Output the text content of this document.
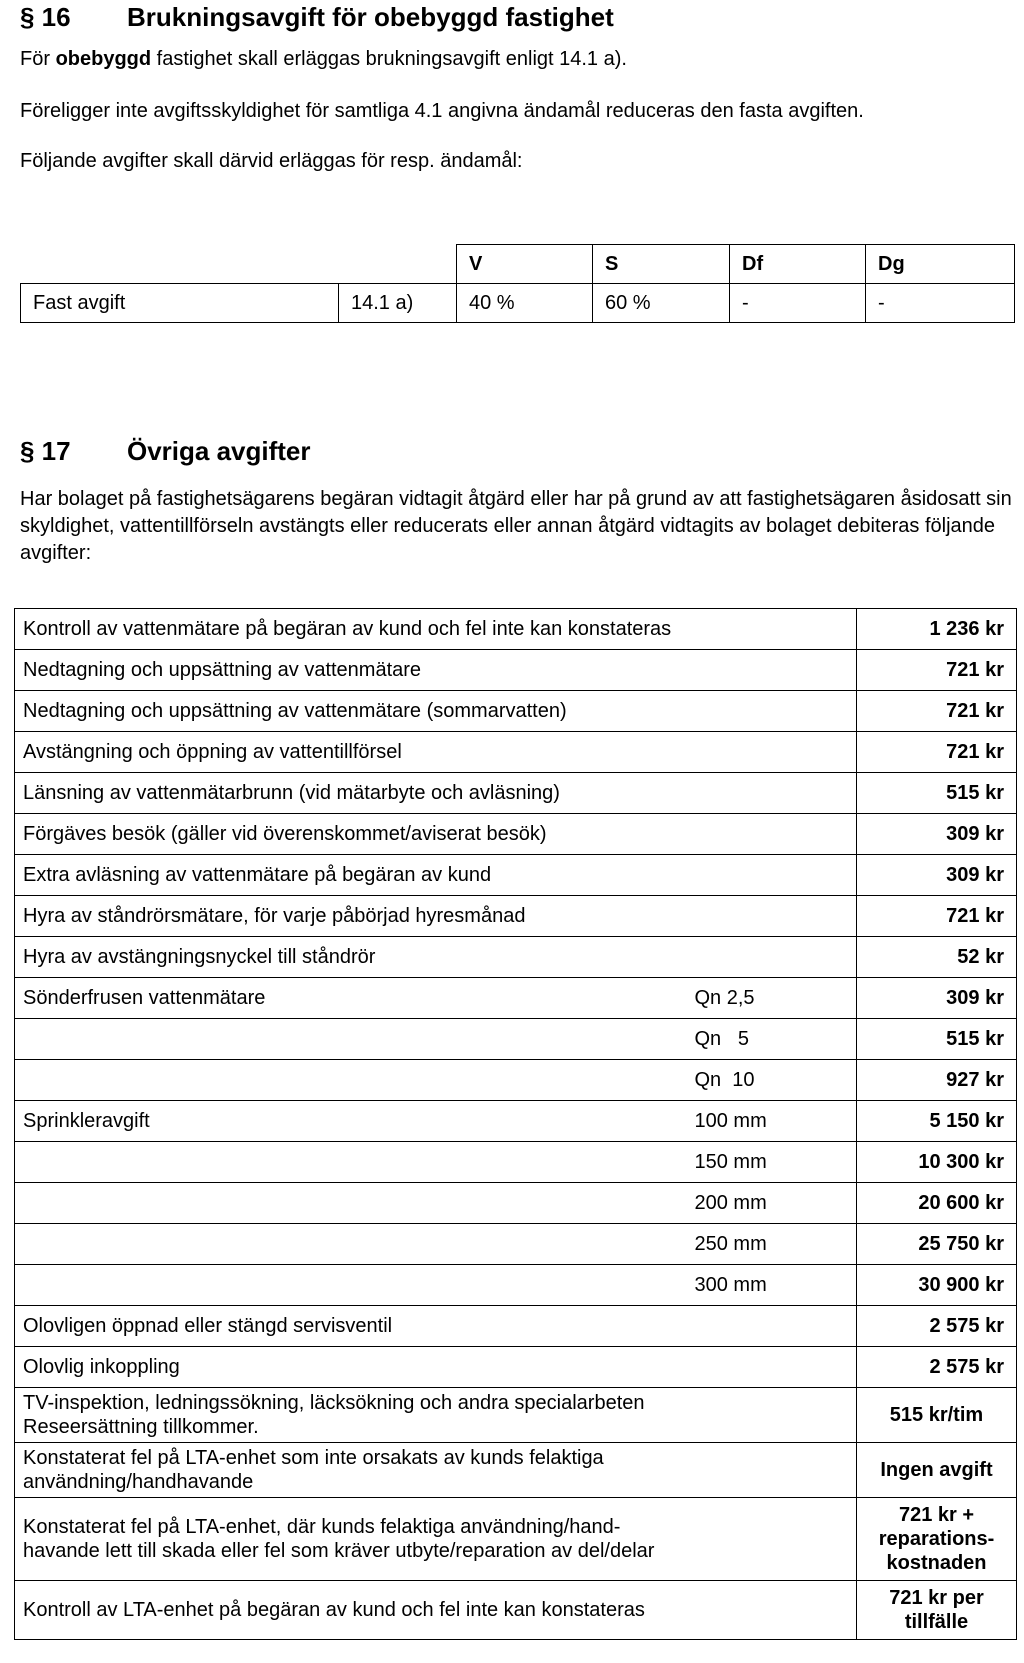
§ 16	Brukningsavgift för obebyggd fastighet

För obebyggd fastighet skall erläggas brukningsavgift enligt 14.1 a).

Föreligger inte avgiftsskyldighet för samtliga 4.1 angivna ändamål reduceras den fasta avgiften.

Följande avgifter skall därvid erläggas för resp. ändamål:

		V	S	Df	Dg
Fast avgift	14.1 a)	40 %	60 %	-	-
§ 17	Övriga avgifter

Har bolaget på fastighetsägarens begäran vidtagit åtgärd eller har på grund av att fastighetsägaren åsidosatt sin skyldighet, vattentillförseln avstängts eller reducerats eller annan åtgärd vidtagits av bolaget debiteras följande avgifter:

Kontroll av vattenmätare på begäran av kund och fel inte kan konstateras		1 236 kr
Nedtagning och uppsättning av vattenmätare		721 kr
Nedtagning och uppsättning av vattenmätare (sommarvatten)		721 kr
Avstängning och öppning av vattentillförsel		721 kr
Länsning av vattenmätarbrunn (vid mätarbyte och avläsning)		515 kr
Förgäves besök (gäller vid överenskommet/aviserat besök)		309 kr
Extra avläsning av vattenmätare på begäran av kund		309 kr
Hyra av ståndrörsmätare, för varje påbörjad hyresmånad		721 kr
Hyra av avstängningsnyckel till ståndrör		52 kr
Sönderfrusen vattenmätare	Qn 2,5	309 kr
	Qn   5	515 kr
	Qn  10	927 kr
Sprinkleravgift	100 mm	5 150 kr
	150 mm	10 300 kr
	200 mm	20 600 kr
	250 mm	25 750 kr
	300 mm	30 900 kr
Olovligen öppnad eller stängd servisventil		2 575 kr
Olovlig inkoppling		2 575 kr
TV-inspektion, ledningssökning, läcksökning och andra specialarbeten Reseersättning tillkommer.		515 kr/tim
Konstaterat fel på LTA-enhet som inte orsakats av kunds felaktiga användning/handhavande		Ingen avgift
Konstaterat fel på LTA-enhet, där kunds felaktiga användning/hand-havande lett till skada eller fel som kräver utbyte/reparation av del/delar		721 kr + reparations-kostnaden
Kontroll av LTA-enhet på begäran av kund och fel inte kan konstateras		721 kr per tillfälle
